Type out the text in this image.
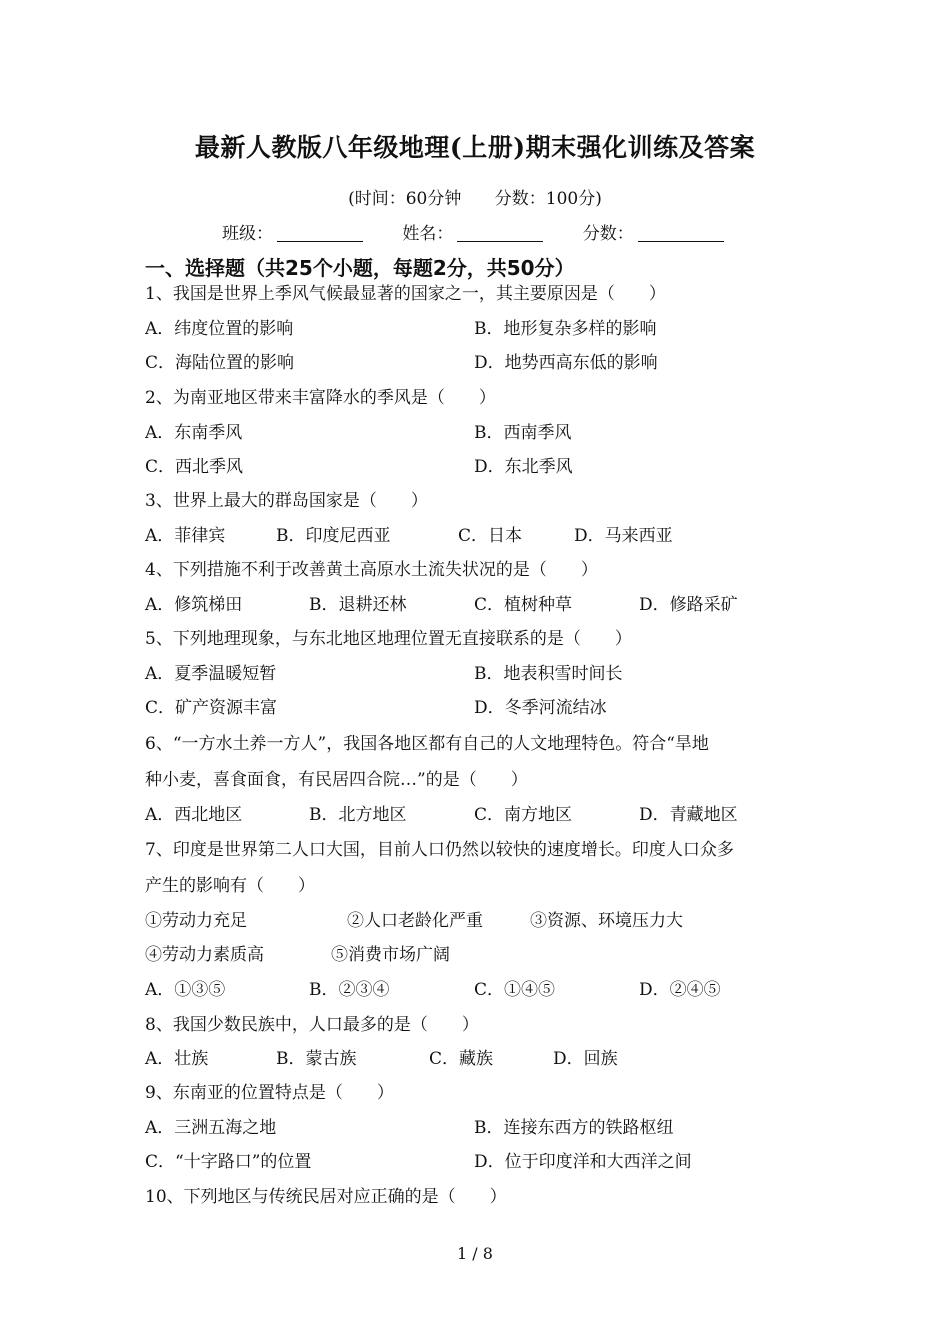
最新人教版八年级地理(上册)期末强化训练及答案
(时间：60分钟 分数：100分)
班级：	姓名：	分数：
一、选择题（共25个小题，每题2分，共50分）
1、我国是世界上季风气候最显著的国家之一，其主要原因是（　　）
A．纬度位置的影响	B．地形复杂多样的影响
C．海陆位置的影响	D．地势西高东低的影响
2、为南亚地区带来丰富降水的季风是（　　）
A．东南季风	B．西南季风
C．西北季风	D．东北季风
3、世界上最大的群岛国家是（　　）
A．菲律宾	B．印度尼西亚	C．日本	D．马来西亚
4、下列措施不利于改善黄土高原水土流失状况的是（　　）
A．修筑梯田	B．退耕还林	C．植树种草	D．修路采矿
5、下列地理现象，与东北地区地理位置无直接联系的是（　　）
A．夏季温暖短暂	B．地表积雪时间长
C．矿产资源丰富	D．冬季河流结冰
6、“一方水土养一方人”，我国各地区都有自己的人文地理特色。符合“旱地
种小麦，喜食面食，有民居四合院…”的是（　　）
A．西北地区	B．北方地区	C．南方地区	D．青藏地区
7、印度是世界第二人口大国，目前人口仍然以较快的速度增长。印度人口众多
产生的影响有（　　）
①劳动力充足	②人口老龄化严重	③资源、环境压力大
④劳动力素质高	⑤消费市场广阔
A．①③⑤	B．②③④	C．①④⑤	D．②④⑤
8、我国少数民族中，人口最多的是（　　）
A．壮族	B．蒙古族	C．藏族	D．回族
9、东南亚的位置特点是（　　）
A．三洲五海之地	B．连接东西方的铁路枢纽
C．“十字路口”的位置	D．位于印度洋和大西洋之间
10、下列地区与传统民居对应正确的是（　　）
1 / 8
